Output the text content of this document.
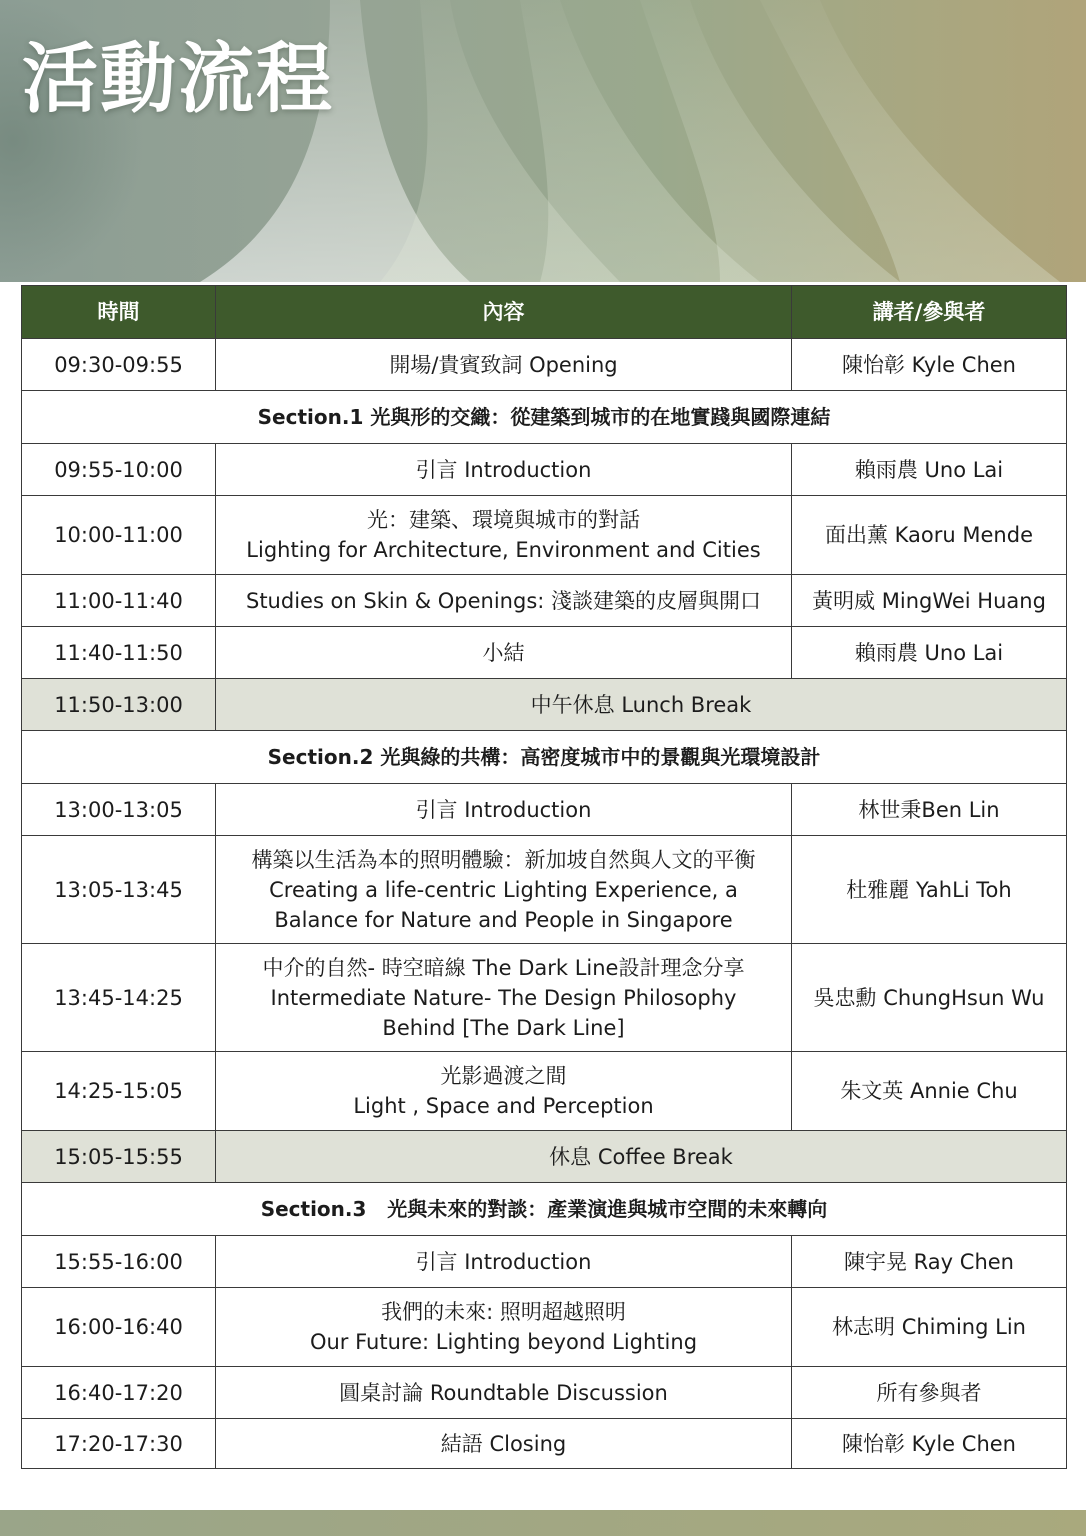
活動流程
時間	內容	講者/參與者
09:30-09:55	開場/貴賓致詞 Opening	陳怡彰 Kyle Chen
Section.1 光與形的交織：從建築到城市的在地實踐與國際連結		
09:55-10:00	引言 Introduction	賴雨農 Uno Lai
10:00-11:00	光：建築、環境與城市的對話
Lighting for Architecture, Environment and Cities	面出薰 Kaoru Mende
11:00-11:40	Studies on Skin & Openings: 淺談建築的皮層與開口	黃明威 MingWei Huang
11:40-11:50	小結	賴雨農 Uno Lai
11:50-13:00	中午休息 Lunch Break	
Section.2 光與綠的共構：高密度城市中的景觀與光環境設計		
13:00-13:05	引言 Introduction	林世秉Ben Lin
13:05-13:45	構築以生活為本的照明體驗：新加坡自然與人文的平衡
Creating a life-centric Lighting Experience, a
Balance for Nature and People in Singapore	杜雅麗 YahLi Toh
13:45-14:25	中介的自然- 時空暗線 The Dark Line設計理念分享
Intermediate Nature- The Design Philosophy
Behind [The Dark Line]	吳忠勳 ChungHsun Wu
14:25-15:05	光影過渡之間
Light , Space and Perception	朱文英 Annie Chu
15:05-15:55	休息 Coffee Break	
Section.3   光與未來的對談：產業演進與城市空間的未來轉向		
15:55-16:00	引言 Introduction	陳宇晃 Ray Chen
16:00-16:40	我們的未來: 照明超越照明
Our Future: Lighting beyond Lighting	林志明 Chiming Lin
16:40-17:20	圓桌討論 Roundtable Discussion	所有參與者
17:20-17:30	結語 Closing	陳怡彰 Kyle Chen
